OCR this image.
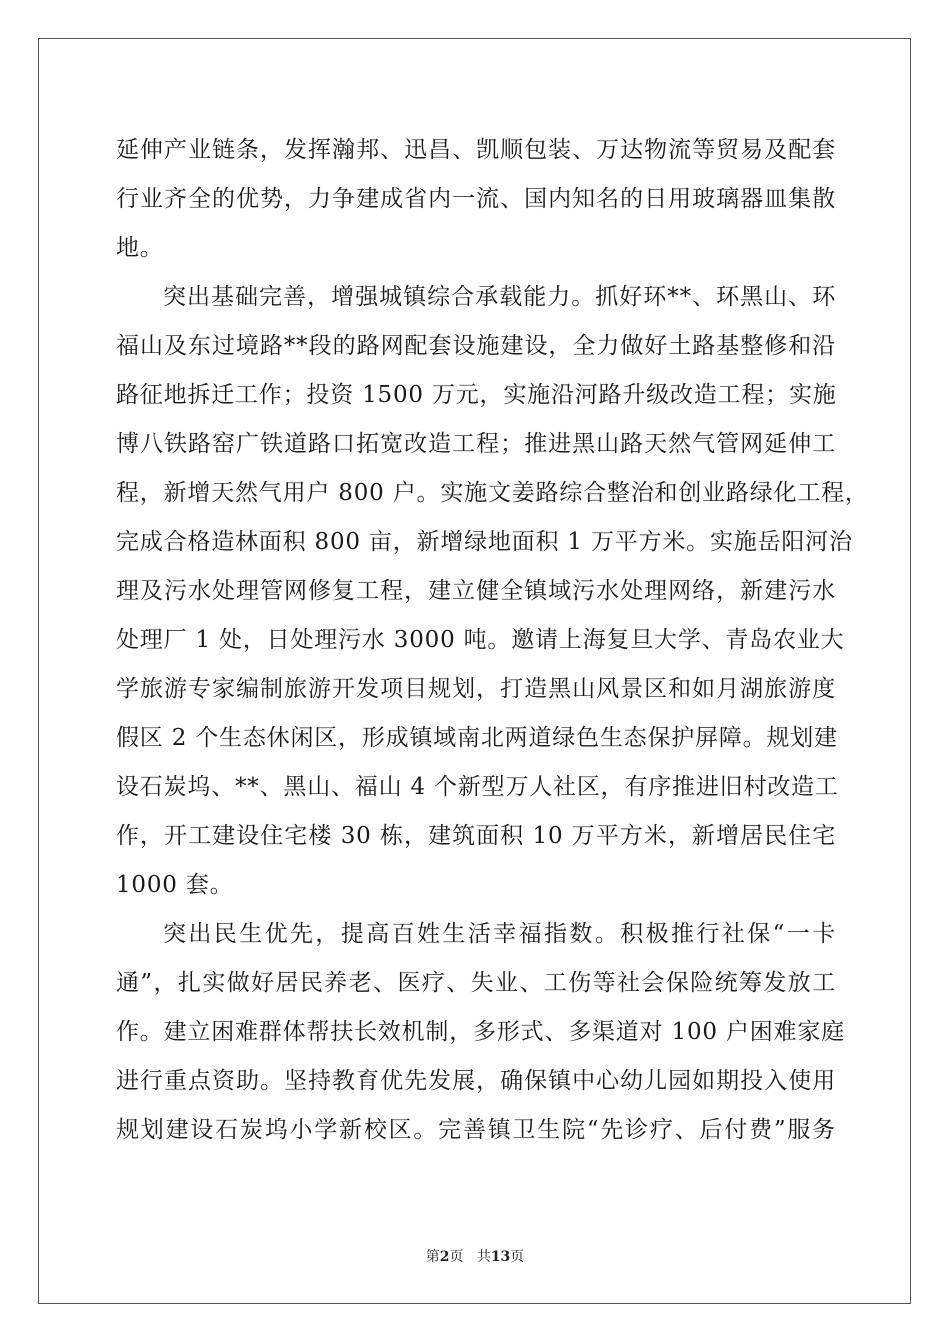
延伸产业链条，发挥瀚邦、迅昌、凯顺包装、万达物流等贸易及配套
行业齐全的优势，力争建成省内一流、国内知名的日用玻璃器皿集散
地。
突出基础完善，增强城镇综合承载能力。抓好环**、环黑山、环
福山及东过境路**段的路网配套设施建设，全力做好土路基整修和沿
路征地拆迁工作；投资 1500 万元，实施沿河路升级改造工程；实施
博八铁路窑广铁道路口拓宽改造工程；推进黑山路天然气管网延伸工
程，新增天然气用户 800 户。实施文姜路综合整治和创业路绿化工程，
完成合格造林面积 800 亩，新增绿地面积 1 万平方米。实施岳阳河治
理及污水处理管网修复工程，建立健全镇域污水处理网络，新建污水
处理厂 1 处，日处理污水 3000 吨。邀请上海复旦大学、青岛农业大
学旅游专家编制旅游开发项目规划，打造黑山风景区和如月湖旅游度
假区 2 个生态休闲区，形成镇域南北两道绿色生态保护屏障。规划建
设石炭坞、**、黑山、福山 4 个新型万人社区，有序推进旧村改造工
作，开工建设住宅楼 30 栋，建筑面积 10 万平方米，新增居民住宅
1000 套。
突出民生优先，提高百姓生活幸福指数。积极推行社保“一卡
通”，扎实做好居民养老、医疗、失业、工伤等社会保险统筹发放工
作。建立困难群体帮扶长效机制，多形式、多渠道对 100 户困难家庭
进行重点资助。坚持教育优先发展，确保镇中心幼儿园如期投入使用
规划建设石炭坞小学新校区。完善镇卫生院“先诊疗、后付费”服务
第2页 共13页
